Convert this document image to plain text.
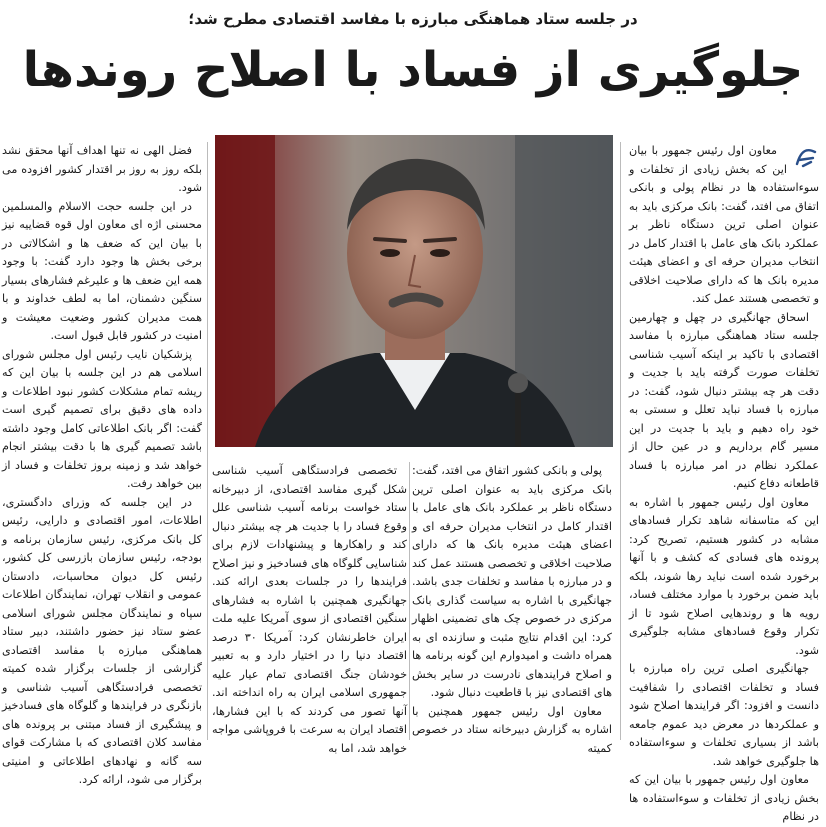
در جلسه ستاد هماهنگی مبارزه با مفاسد اقتصادی مطرح شد؛
جلوگیری از فساد با اصلاح روندها

معاون اول رئیس جمهور با بیان این که بخش زیادی از تخلفات و سوءاستفاده ها در نظام پولی و بانکی اتفاق می افتد، گفت: بانک مرکزی باید به عنوان اصلی ترین دستگاه ناظر بر عملکرد بانک های عامل با اقتدار کامل در انتخاب مدیران حرفه ای و اعضای هیئت مدیره بانک ها که دارای صلاحیت اخلاقی و تخصصی هستند عمل کند.

اسحاق جهانگیری در چهل و چهارمین جلسه ستاد هماهنگی مبارزه با مفاسد اقتصادی با تاکید بر اینکه آسیب شناسی تخلفات صورت گرفته باید با جدیت و دقت هر چه بیشتر دنبال شود، گفت: در مبارزه با فساد نباید تعلل و سستی به خود راه دهیم و باید با جدیت در این مسیر گام برداریم و در عین حال از عملکرد نظام در امر مبارزه با فساد قاطعانه دفاع کنیم.

معاون اول رئیس جمهور با اشاره به این که متاسفانه شاهد تکرار فسادهای مشابه در کشور هستیم، تصریح کرد: پرونده های فسادی که کشف و با آنها برخورد شده است نباید رها شوند، بلکه باید ضمن برخورد با موارد مختلف فساد، رویه ها و روندهایی اصلاح شود تا از تکرار وقوع فسادهای مشابه جلوگیری شود.

جهانگیری اصلی ترین راه مبارزه با فساد و تخلفات اقتصادی را شفافیت دانست و افزود: اگر فرایندها اصلاح شود و عملکردها در معرض دید عموم جامعه باشد از بسیاری تخلفات و سوءاستفاده ها جلوگیری خواهد شد.

معاون اول رئیس جمهور با بیان این که بخش زیادی از تخلفات و سوءاستفاده ها در نظام

پولی و بانکی کشور اتفاق می افتد، گفت: بانک مرکزی باید به عنوان اصلی ترین دستگاه ناظر بر عملکرد بانک های عامل با اقتدار کامل در انتخاب مدیران حرفه ای و اعضای هیئت مدیره بانک ها که دارای صلاحیت اخلاقی و تخصصی هستند عمل کند و در مبارزه با مفاسد و تخلفات جدی باشد. جهانگیری با اشاره به سیاست گذاری بانک مرکزی در خصوص چک های تضمینی اظهار کرد: این اقدام نتایج مثبت و سازنده ای به همراه داشت و امیدوارم این گونه برنامه ها و اصلاح فرایندهای نادرست در سایر بخش های اقتصادی نیز با قاطعیت دنبال شود.

معاون اول رئیس جمهور همچنین با اشاره به گزارش دبیرخانه ستاد در خصوص کمیته

تخصصی فرادستگاهی آسیب شناسی شکل گیری مفاسد اقتصادی، از دبیرخانه ستاد خواست برنامه آسیب شناسی علل وقوع فساد را با جدیت هر چه بیشتر دنبال کند و راهکارها و پیشنهادات لازم برای شناسایی گلوگاه های فسادخیز و نیز اصلاح فرایندها را در جلسات بعدی ارائه کند. جهانگیری همچنین با اشاره به فشارهای سنگین اقتصادی از سوی آمریکا علیه ملت ایران خاطرنشان کرد: آمریکا ۳۰ درصد اقتصاد دنیا را در اختیار دارد و به تعبیر خودشان جنگ اقتصادی تمام عیار علیه جمهوری اسلامی ایران به راه انداخته اند. آنها تصور می کردند که با این فشارها، اقتصاد ایران به سرعت با فروپاشی مواجه خواهد شد، اما به

فضل الهی نه تنها اهداف آنها محقق نشد بلکه روز به روز بر اقتدار کشور افزوده می شود.

در این جلسه حجت الاسلام والمسلمین محسنی اژه ای معاون اول قوه قضاییه نیز با بیان این که ضعف ها و اشکالاتی در برخی بخش ها وجود دارد گفت: با وجود همه این ضعف ها و علیرغم فشارهای بسیار سنگین دشمنان، اما به لطف خداوند و با همت مدیران کشور وضعیت معیشت و امنیت در کشور قابل قبول است.

پزشکیان نایب رئیس اول مجلس شورای اسلامی هم در این جلسه با بیان این که ریشه تمام مشکلات کشور نبود اطلاعات و داده های دقیق برای تصمیم گیری است گفت: اگر بانک اطلاعاتی کامل وجود داشته باشد تصمیم گیری ها با دقت بیشتر انجام خواهد شد و زمینه بروز تخلفات و فساد از بین خواهد رفت.

در این جلسه که وزرای دادگستری، اطلاعات، امور اقتصادی و دارایی، رئیس کل بانک مرکزی، رئیس سازمان برنامه و بودجه، رئیس سازمان بازرسی کل کشور، رئیس کل دیوان محاسبات، دادستان عمومی و انقلاب تهران، نمایندگان اطلاعات سپاه و نمایندگان مجلس شورای اسلامی عضو ستاد نیز حضور داشتند، دبیر ستاد هماهنگی مبارزه با مفاسد اقتصادی گزارشی از جلسات برگزار شده کمیته تخصصی فرادستگاهی آسیب شناسی و بازنگری در فرایندها و گلوگاه های فسادخیز و پیشگیری از فساد مبتنی بر پرونده های مفاسد کلان اقتصادی که با مشارکت قوای سه گانه و نهادهای اطلاعاتی و امنیتی برگزار می شود، ارائه کرد.
